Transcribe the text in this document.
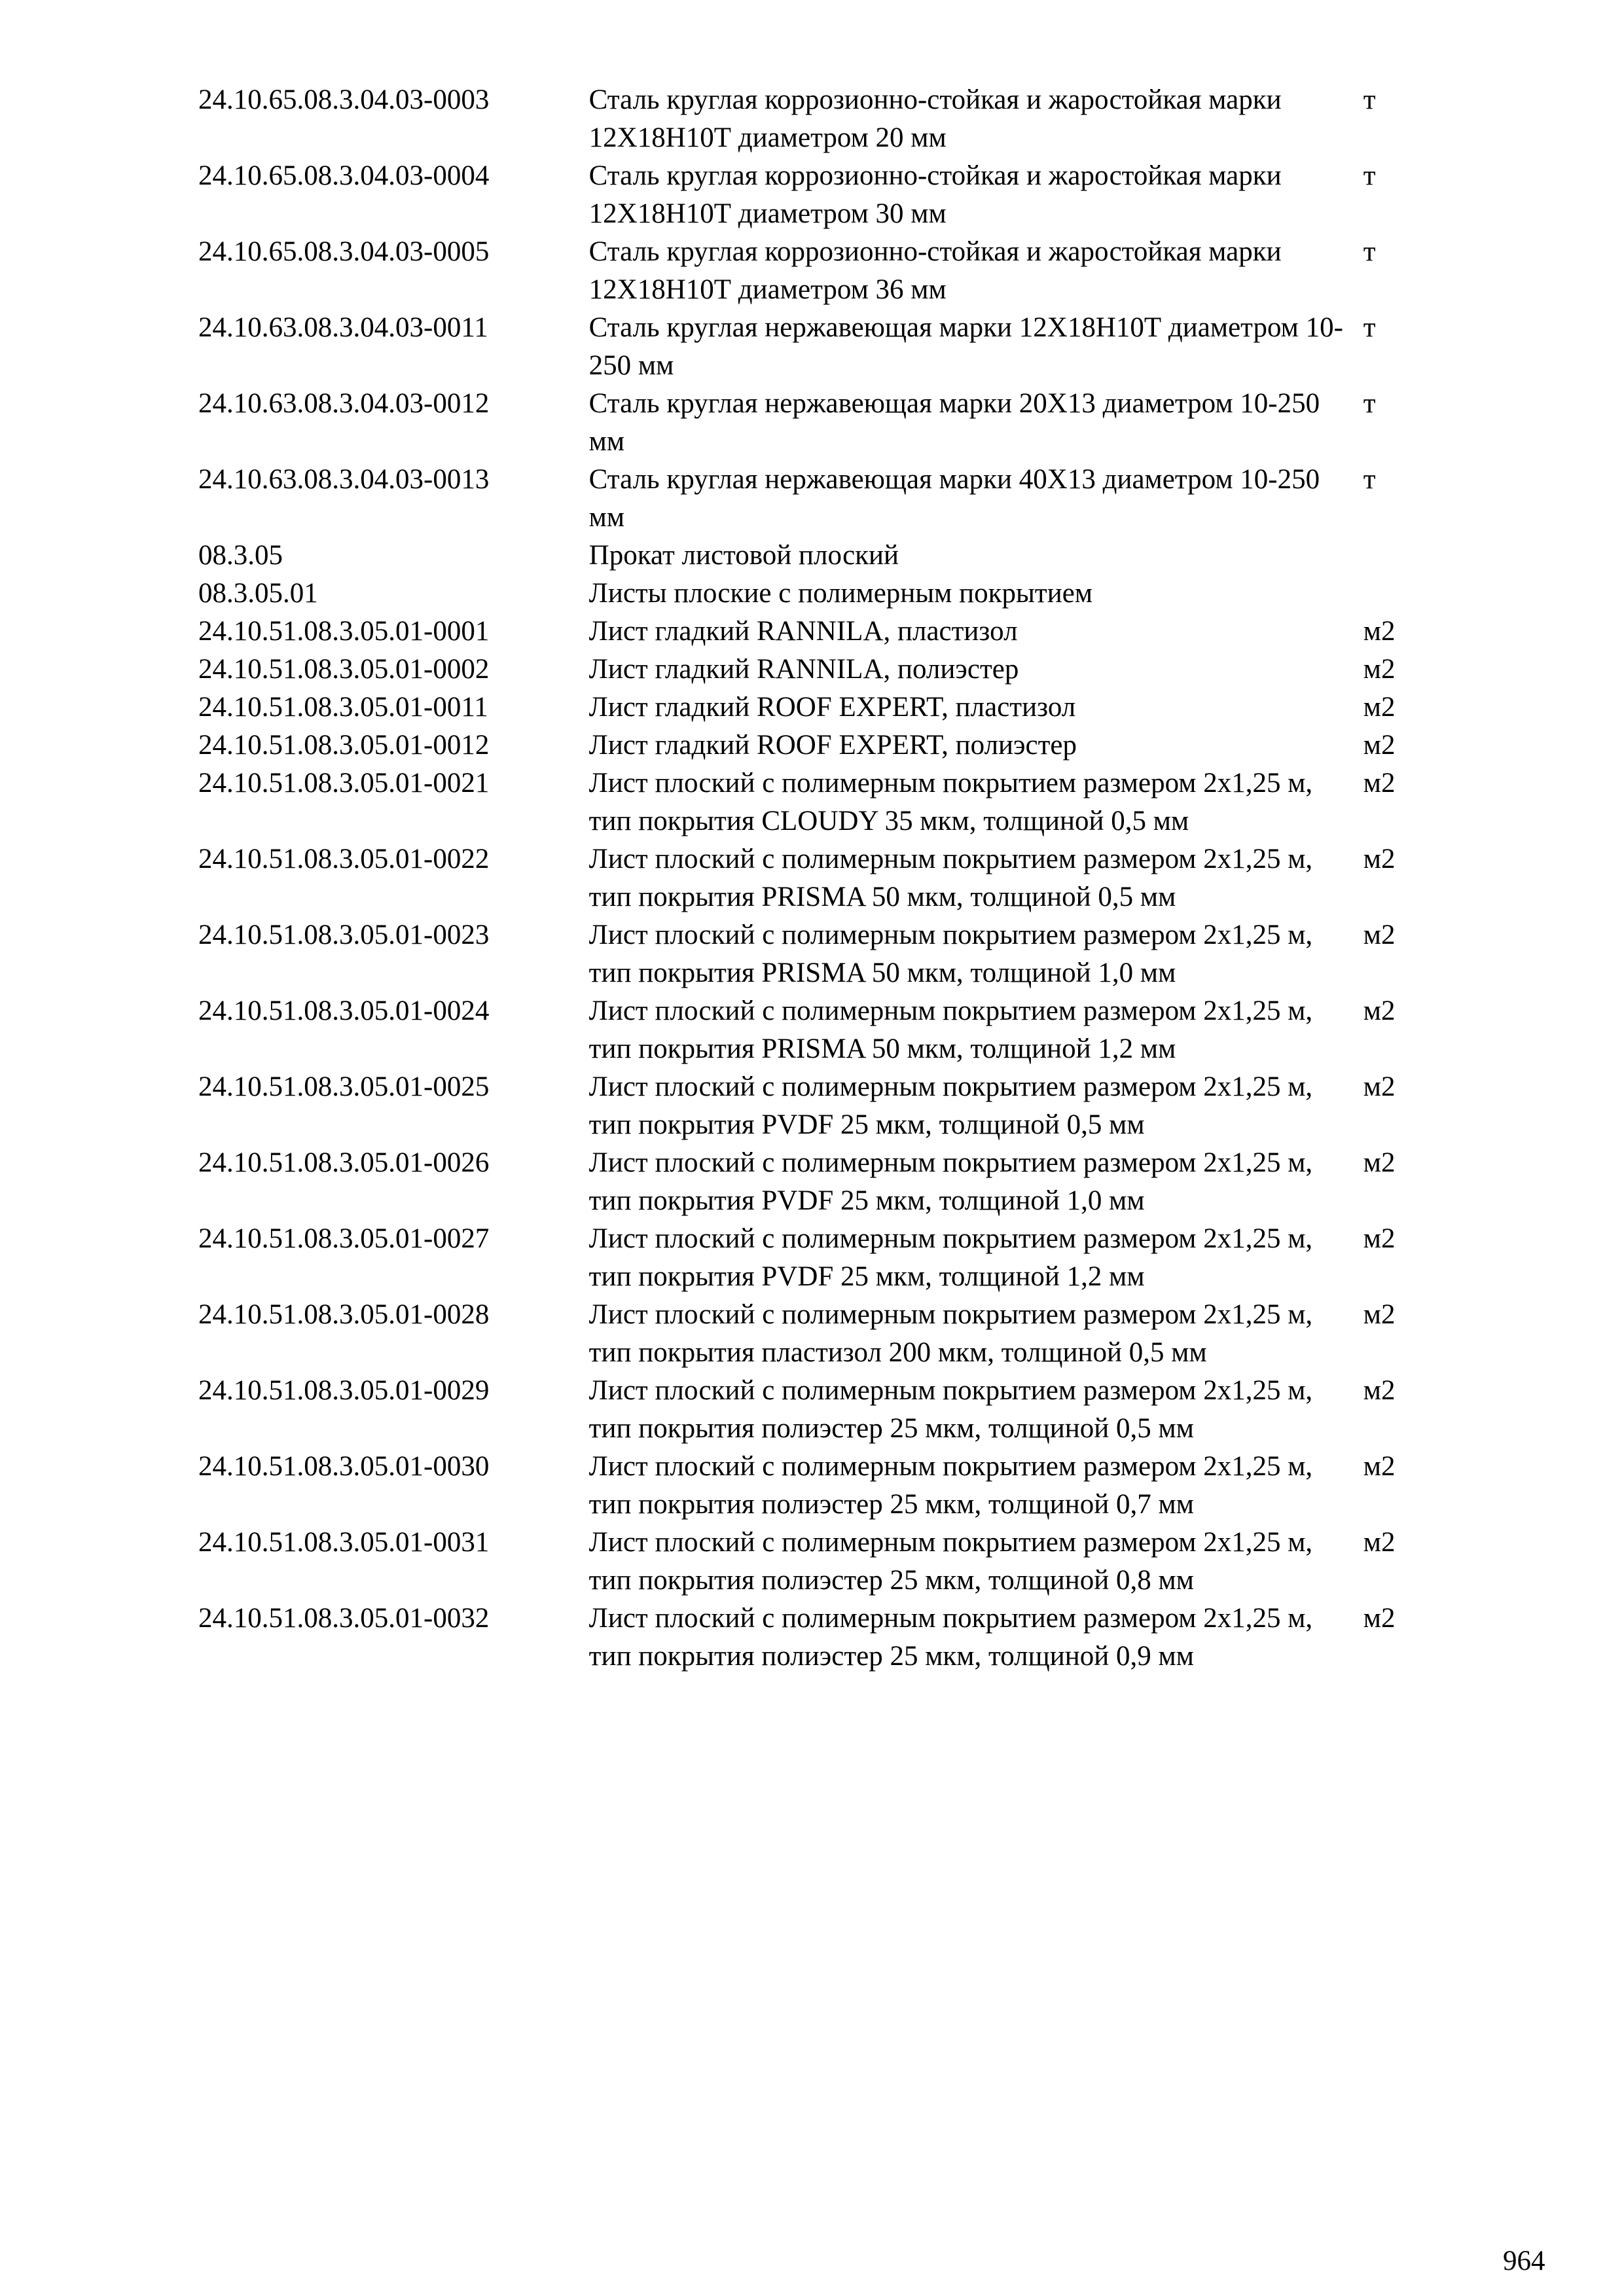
24.10.65.08.3.04.03-0003	Сталь круглая коррозионно-стойкая и жаростойкая марки 12Х18Н10Т диаметром 20 мм	т
24.10.65.08.3.04.03-0004	Сталь круглая коррозионно-стойкая и жаростойкая марки 12Х18Н10Т диаметром 30 мм	т
24.10.65.08.3.04.03-0005	Сталь круглая коррозионно-стойкая и жаростойкая марки 12Х18Н10Т диаметром 36 мм	т
24.10.63.08.3.04.03-0011	Сталь круглая нержавеющая марки 12Х18Н10Т диаметром 10-250 мм	т
24.10.63.08.3.04.03-0012	Сталь круглая нержавеющая марки 20Х13 диаметром 10-250 мм	т
24.10.63.08.3.04.03-0013	Сталь круглая нержавеющая марки 40Х13 диаметром 10-250 мм	т
08.3.05	Прокат листовой плоский	
08.3.05.01	Листы плоские с полимерным покрытием	
24.10.51.08.3.05.01-0001	Лист гладкий RANNILA, пластизол	м2
24.10.51.08.3.05.01-0002	Лист гладкий RANNILA, полиэстер	м2
24.10.51.08.3.05.01-0011	Лист гладкий ROOF EXPERT, пластизол	м2
24.10.51.08.3.05.01-0012	Лист гладкий ROOF EXPERT, полиэстер	м2
24.10.51.08.3.05.01-0021	Лист плоский с полимерным покрытием размером 2х1,25 м, тип покрытия CLOUDY 35 мкм, толщиной 0,5 мм	м2
24.10.51.08.3.05.01-0022	Лист плоский с полимерным покрытием размером 2х1,25 м, тип покрытия PRISMA 50 мкм, толщиной 0,5 мм	м2
24.10.51.08.3.05.01-0023	Лист плоский с полимерным покрытием размером 2х1,25 м, тип покрытия PRISMA 50 мкм, толщиной 1,0 мм	м2
24.10.51.08.3.05.01-0024	Лист плоский с полимерным покрытием размером 2х1,25 м, тип покрытия PRISMA 50 мкм, толщиной 1,2 мм	м2
24.10.51.08.3.05.01-0025	Лист плоский с полимерным покрытием размером 2х1,25 м, тип покрытия PVDF 25 мкм, толщиной 0,5 мм	м2
24.10.51.08.3.05.01-0026	Лист плоский с полимерным покрытием размером 2х1,25 м, тип покрытия PVDF 25 мкм, толщиной 1,0 мм	м2
24.10.51.08.3.05.01-0027	Лист плоский с полимерным покрытием размером 2х1,25 м, тип покрытия PVDF 25 мкм, толщиной 1,2 мм	м2
24.10.51.08.3.05.01-0028	Лист плоский с полимерным покрытием размером 2х1,25 м, тип покрытия пластизол 200 мкм, толщиной 0,5 мм	м2
24.10.51.08.3.05.01-0029	Лист плоский с полимерным покрытием размером 2х1,25 м, тип покрытия полиэстер 25 мкм, толщиной 0,5 мм	м2
24.10.51.08.3.05.01-0030	Лист плоский с полимерным покрытием размером 2х1,25 м, тип покрытия полиэстер 25 мкм, толщиной 0,7 мм	м2
24.10.51.08.3.05.01-0031	Лист плоский с полимерным покрытием размером 2х1,25 м, тип покрытия полиэстер 25 мкм, толщиной 0,8 мм	м2
24.10.51.08.3.05.01-0032	Лист плоский с полимерным покрытием размером 2х1,25 м, тип покрытия полиэстер 25 мкм, толщиной 0,9 мм	м2
964
